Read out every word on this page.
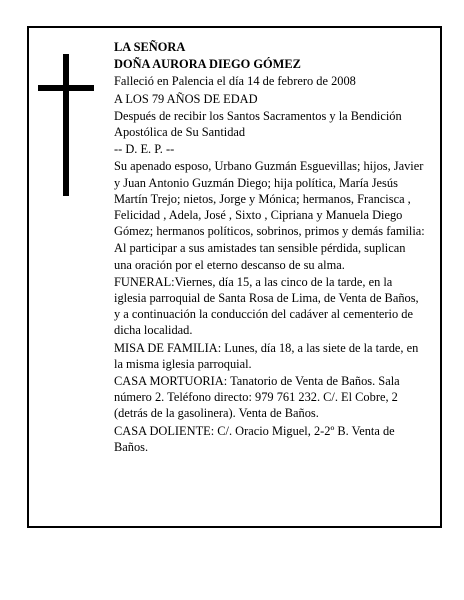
LA SEÑORA

DOÑA AURORA DIEGO GÓMEZ

Falleció en Palencia el día 14 de febrero de 2008

A LOS 79 AÑOS DE EDAD

Después de recibir los Santos Sacramentos y la Bendición Apostólica de Su Santidad

-- D. E. P. --

Su apenado esposo, Urbano Guzmán Esguevillas; hijos, Javier y Juan Antonio Guzmán Diego; hija política, María Jesús Martín Trejo; nietos, Jorge y Mónica; hermanos, Francisca , Felicidad , Adela, José , Sixto , Cipriana y Manuela Diego Gómez; hermanos políticos, sobrinos, primos y demás familia:

Al participar a sus amistades tan sensible pérdida, suplican una oración por el eterno descanso de su alma.

FUNERAL:Viernes, día 15, a las cinco de la tarde, en la iglesia parroquial de Santa Rosa de Lima, de Venta de Baños, y a continuación la conducción del cadáver al cementerio de dicha localidad.

MISA DE FAMILIA: Lunes, día 18, a las siete de la tarde, en la misma iglesia parroquial.

CASA MORTUORIA: Tanatorio de Venta de Baños. Sala número 2. Teléfono directo: 979 761 232. C/. El Cobre, 2 (detrás de la gasolinera). Venta de Baños.

CASA DOLIENTE: C/. Oracio Miguel, 2-2º B. Venta de Baños.
